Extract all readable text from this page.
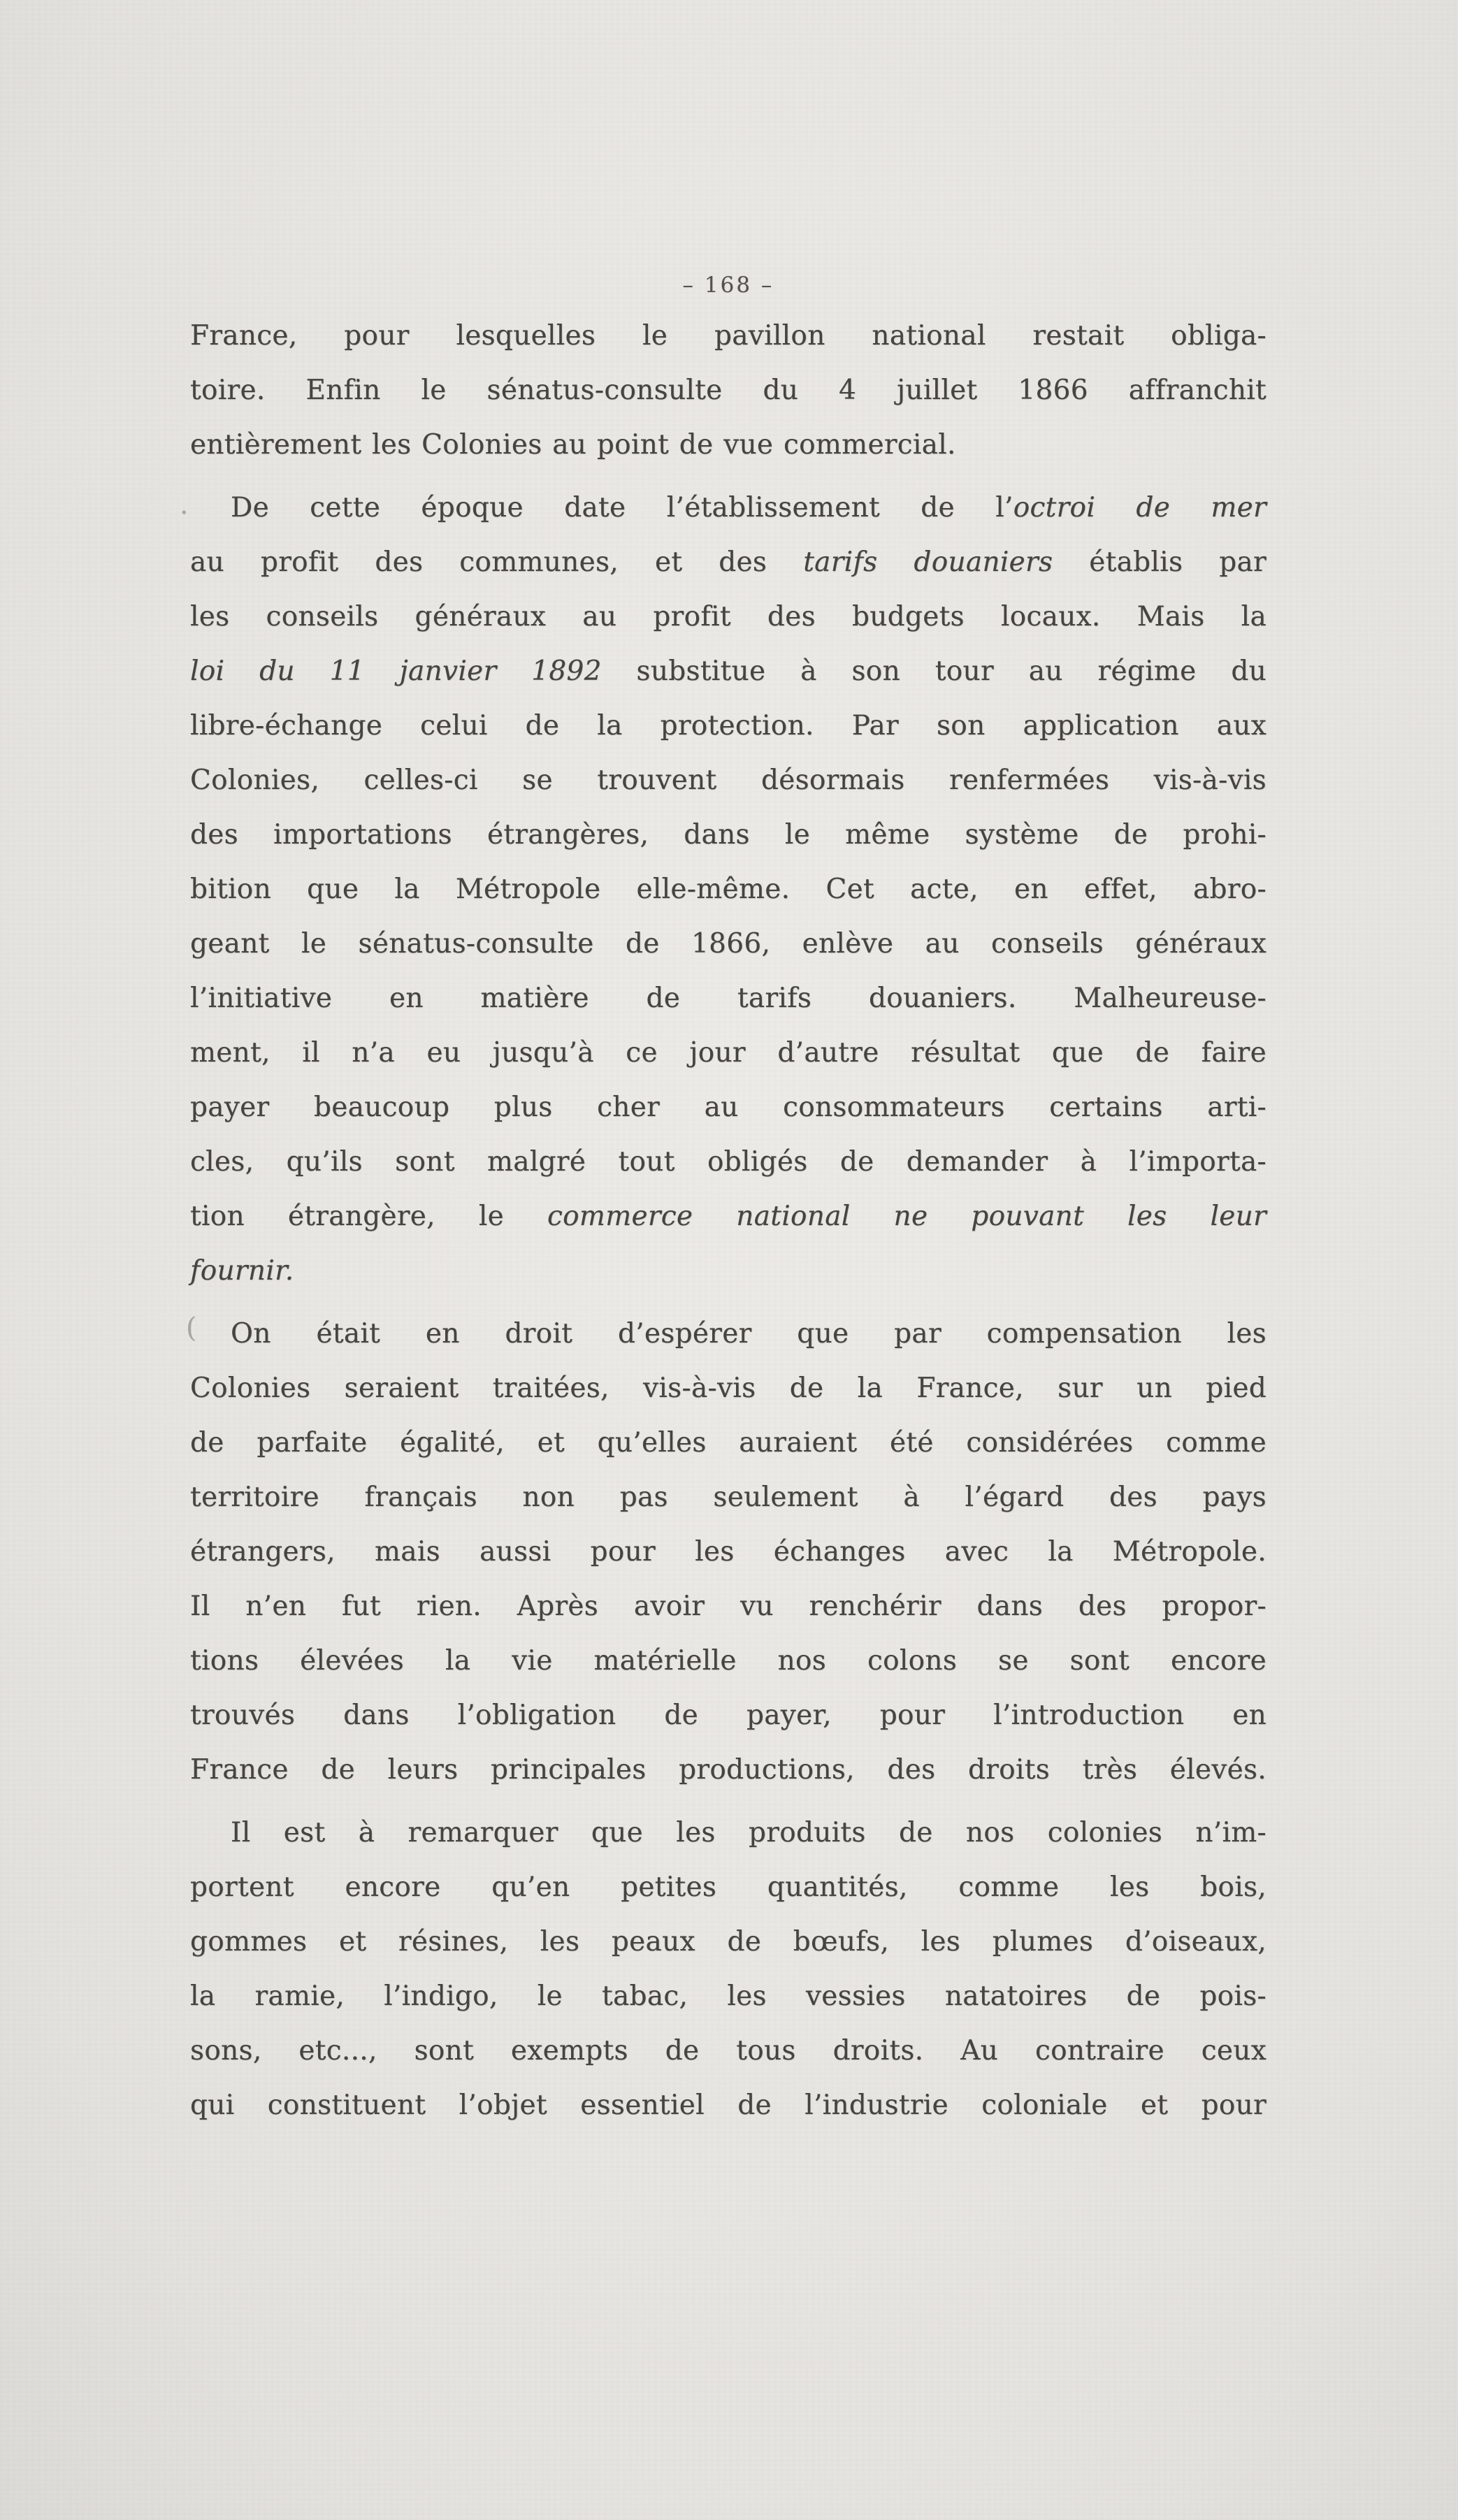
– 168 –
France, pour lesquelles le pavillon national restait obliga-
toire. Enfin le sénatus-consulte du 4 juillet 1866 affranchit
entièrement les Colonies au point de vue commercial.
De cette époque date l’établissement de l’octroi de mer
au profit des communes, et des tarifs douaniers établis par
les conseils généraux au profit des budgets locaux. Mais la
loi du 11 janvier 1892 substitue à son tour au régime du
libre-échange celui de la protection. Par son application aux
Colonies, celles-ci se trouvent désormais renfermées vis-à-vis
des importations étrangères, dans le même système de prohi-
bition que la Métropole elle-même. Cet acte, en effet, abro-
geant le sénatus-consulte de 1866, enlève au conseils généraux
l’initiative en matière de tarifs douaniers. Malheureuse-
ment, il n’a eu jusqu’à ce jour d’autre résultat que de faire
payer beaucoup plus cher au consommateurs certains arti-
cles, qu’ils sont malgré tout obligés de demander à l’importa-
tion étrangère, le commerce national ne pouvant les leur
fournir.
On était en droit d’espérer que par compensation les
Colonies seraient traitées, vis-à-vis de la France, sur un pied
de parfaite égalité, et qu’elles auraient été considérées comme
territoire français non pas seulement à l’égard des pays
étrangers, mais aussi pour les échanges avec la Métropole.
Il n’en fut rien. Après avoir vu renchérir dans des propor-
tions élevées la vie matérielle nos colons se sont encore
trouvés dans l’obligation de payer, pour l’introduction en
France de leurs principales productions, des droits très élevés.
Il est à remarquer que les produits de nos colonies n’im-
portent encore qu’en petites quantités, comme les bois,
gommes et résines, les peaux de bœufs, les plumes d’oiseaux,
la ramie, l’indigo, le tabac, les vessies natatoires de pois-
sons, etc..., sont exempts de tous droits. Au contraire ceux
qui constituent l’objet essentiel de l’industrie coloniale et pour
.
(
